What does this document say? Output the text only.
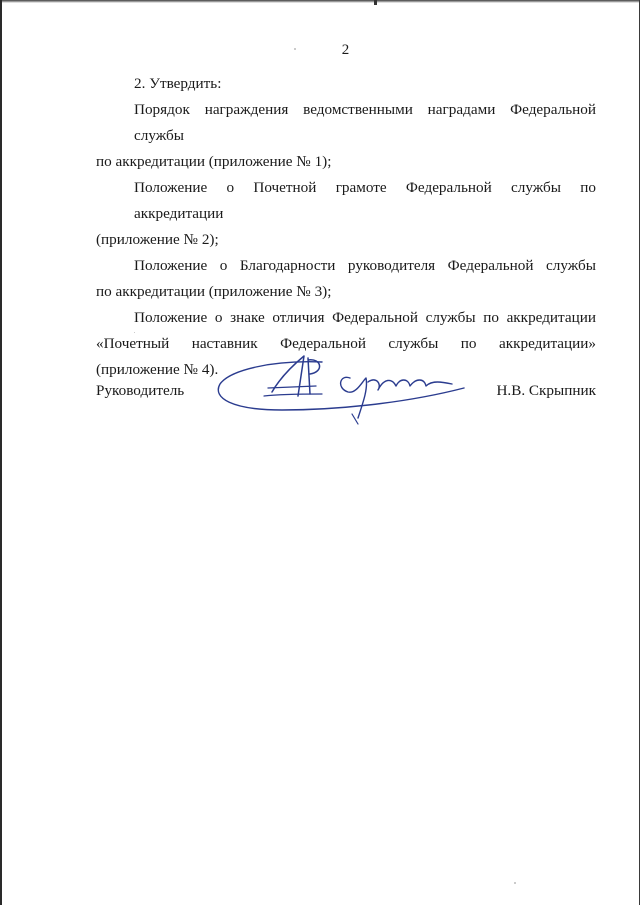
2

2. Утвердить:

Порядок награждения ведомственными наградами Федеральной службы
по аккредитации (приложение № 1);
Положение о Почетной грамоте Федеральной службы по аккредитации
(приложение № 2);
Положение о Благодарности руководителя Федеральной службы
по аккредитации (приложение № 3);
Положение о знаке отличия Федеральной службы по аккредитации
«Почетный наставник Федеральной службы по аккредитации»
(приложение № 4).
Руководитель	Н.В. Скрыпник
